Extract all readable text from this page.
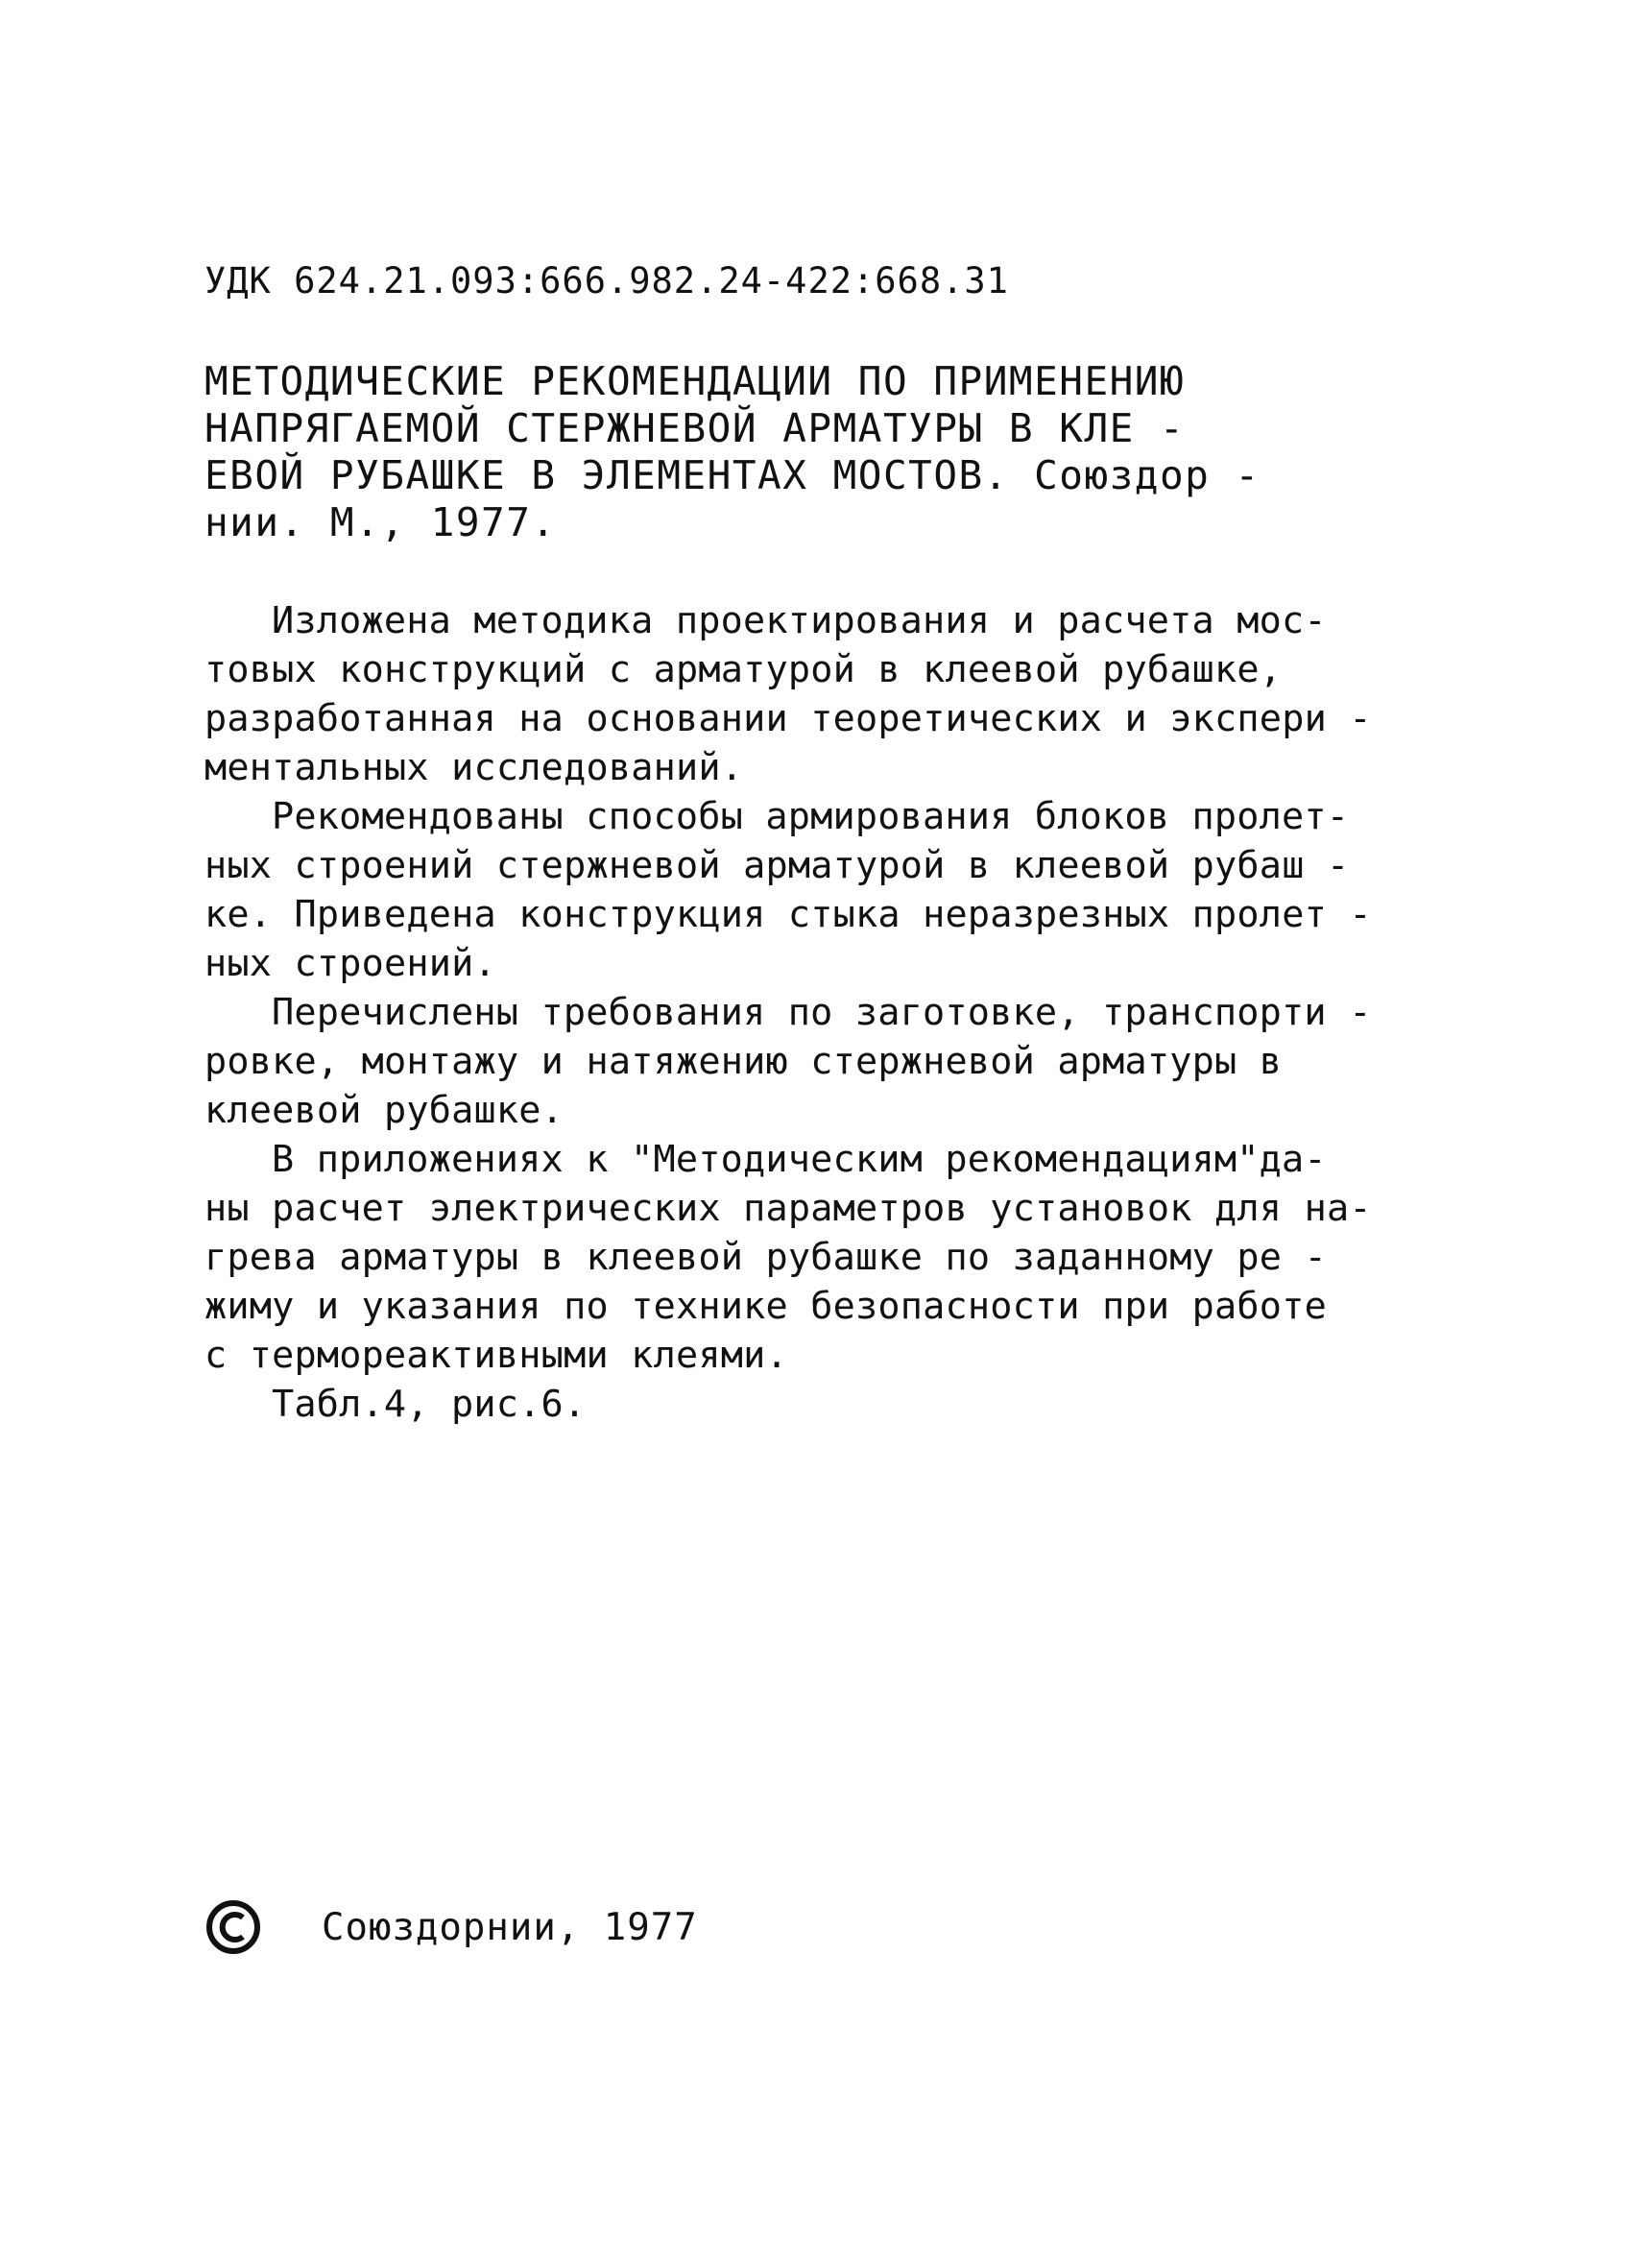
УДК 624.21.093:666.982.24-422:668.31

МЕТОДИЧЕСКИЕ РЕКОМЕНДАЦИИ ПО ПРИМЕНЕНИЮ

НАПРЯГАЕМОЙ СТЕРЖНЕВОЙ АРМАТУРЫ В КЛЕ -

ЕВОЙ РУБАШКЕ В ЭЛЕМЕНТАХ МОСТОВ. Союздор -

нии. М., 1977.

Изложена методика проектирования и расчета мос-

товых конструкций с арматурой в клеевой рубашке,

разработанная на основании теоретических и экспери -

ментальных исследований.

Рекомендованы способы армирования блоков пролет-

ных строений стержневой арматурой в клеевой рубаш -

ке. Приведена конструкция стыка неразрезных пролет -

ных строений.

Перечислены требования по заготовке, транспорти -

ровке, монтажу и натяжению стержневой арматуры в

клеевой рубашке.

В приложениях к "Методическим рекомендациям"да-

ны расчет электрических параметров установок для на-

грева арматуры в клеевой рубашке по заданному ре -

жиму и указания по технике безопасности при работе

с термореактивными клеями.

Табл.4, рис.6.

Союздорнии, 1977
